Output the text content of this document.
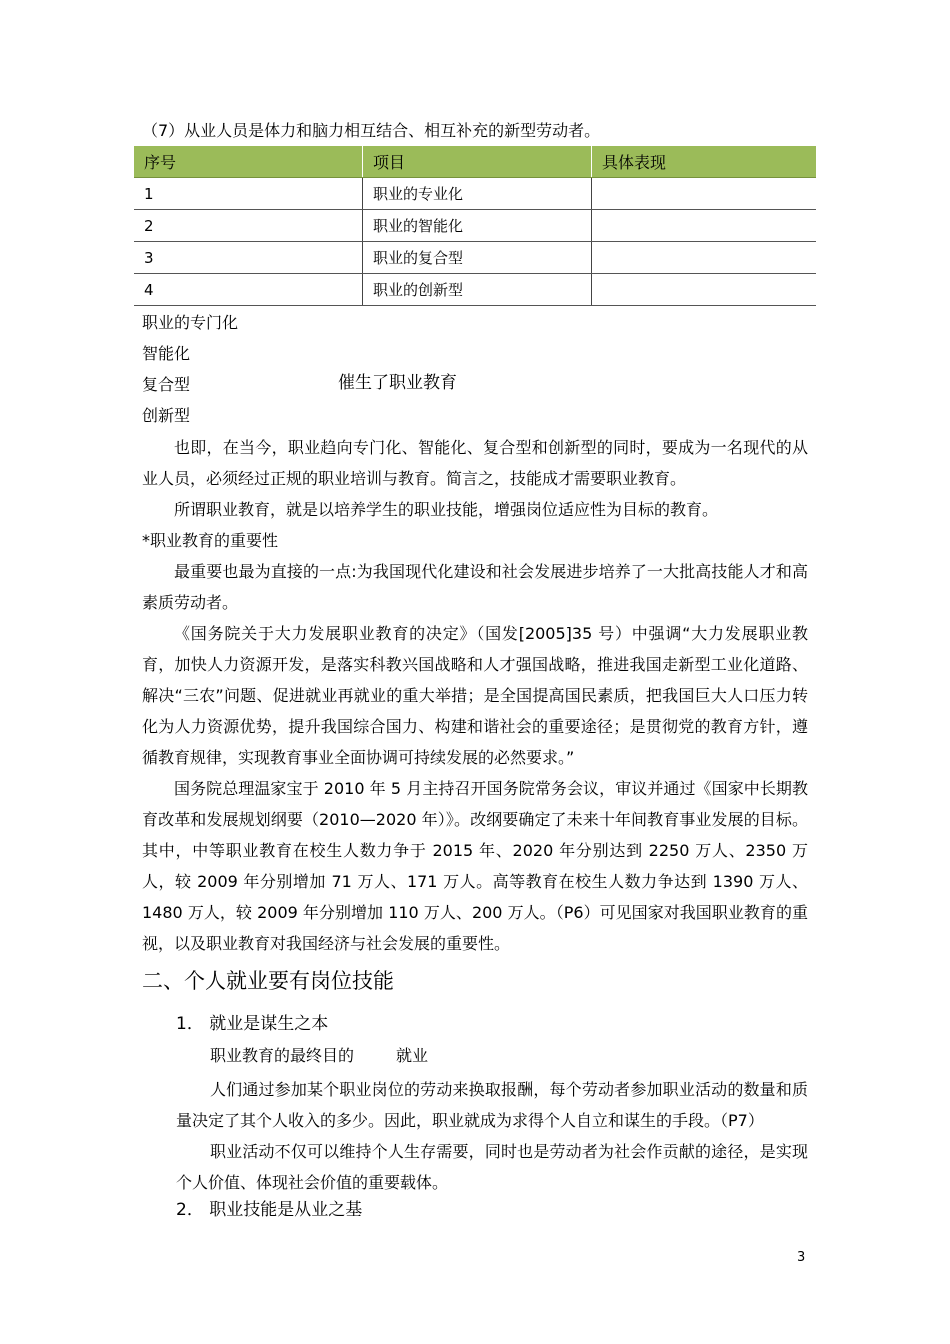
（7）从业人员是体力和脑力相互结合、相互补充的新型劳动者。
序号	项目	具体表现
1	职业的专业化	
2	职业的智能化	
3	职业的复合型	
4	职业的创新型	
职业的专门化
智能化
复合型
创新型
催生了职业教育

也即，在当今，职业趋向专门化、智能化、复合型和创新型的同时，要成为一名现代的从业人员，必须经过正规的职业培训与教育。简言之，技能成才需要职业教育。

所谓职业教育，就是以培养学生的职业技能，增强岗位适应性为目标的教育。

*职业教育的重要性

最重要也最为直接的一点:为我国现代化建设和社会发展进步培养了一大批高技能人才和高素质劳动者。

《国务院关于大力发展职业教育的决定》（国发[2005]35 号）中强调“大力发展职业教育，加快人力资源开发，是落实科教兴国战略和人才强国战略，推进我国走新型工业化道路、解决“三农”问题、促进就业再就业的重大举措；是全国提高国民素质，把我国巨大人口压力转化为人力资源优势，提升我国综合国力、构建和谐社会的重要途径；是贯彻党的教育方针，遵循教育规律，实现教育事业全面协调可持续发展的必然要求。”

国务院总理温家宝于 2010 年 5 月主持召开国务院常务会议，审议并通过《国家中长期教育改革和发展规划纲要（2010—2020 年）》。改纲要确定了未来十年间教育事业发展的目标。其中，中等职业教育在校生人数力争于 2015 年、2020 年分别达到 2250 万人、2350 万人，较 2009 年分别增加 71 万人、171 万人。高等教育在校生人数力争达到 1390 万人、1480 万人，较 2009 年分别增加 110 万人、200 万人。（P6）可见国家对我国职业教育的重视，以及职业教育对我国经济与社会发展的重要性。

二、个人就业要有岗位技能
1． 就业是谋生之本
职业教育的最终目的	就业

人们通过参加某个职业岗位的劳动来换取报酬，每个劳动者参加职业活动的数量和质量决定了其个人收入的多少。因此，职业就成为求得个人自立和谋生的手段。（P7）

职业活动不仅可以维持个人生存需要，同时也是劳动者为社会作贡献的途径，是实现个人价值、体现社会价值的重要载体。

2． 职业技能是从业之基
3
